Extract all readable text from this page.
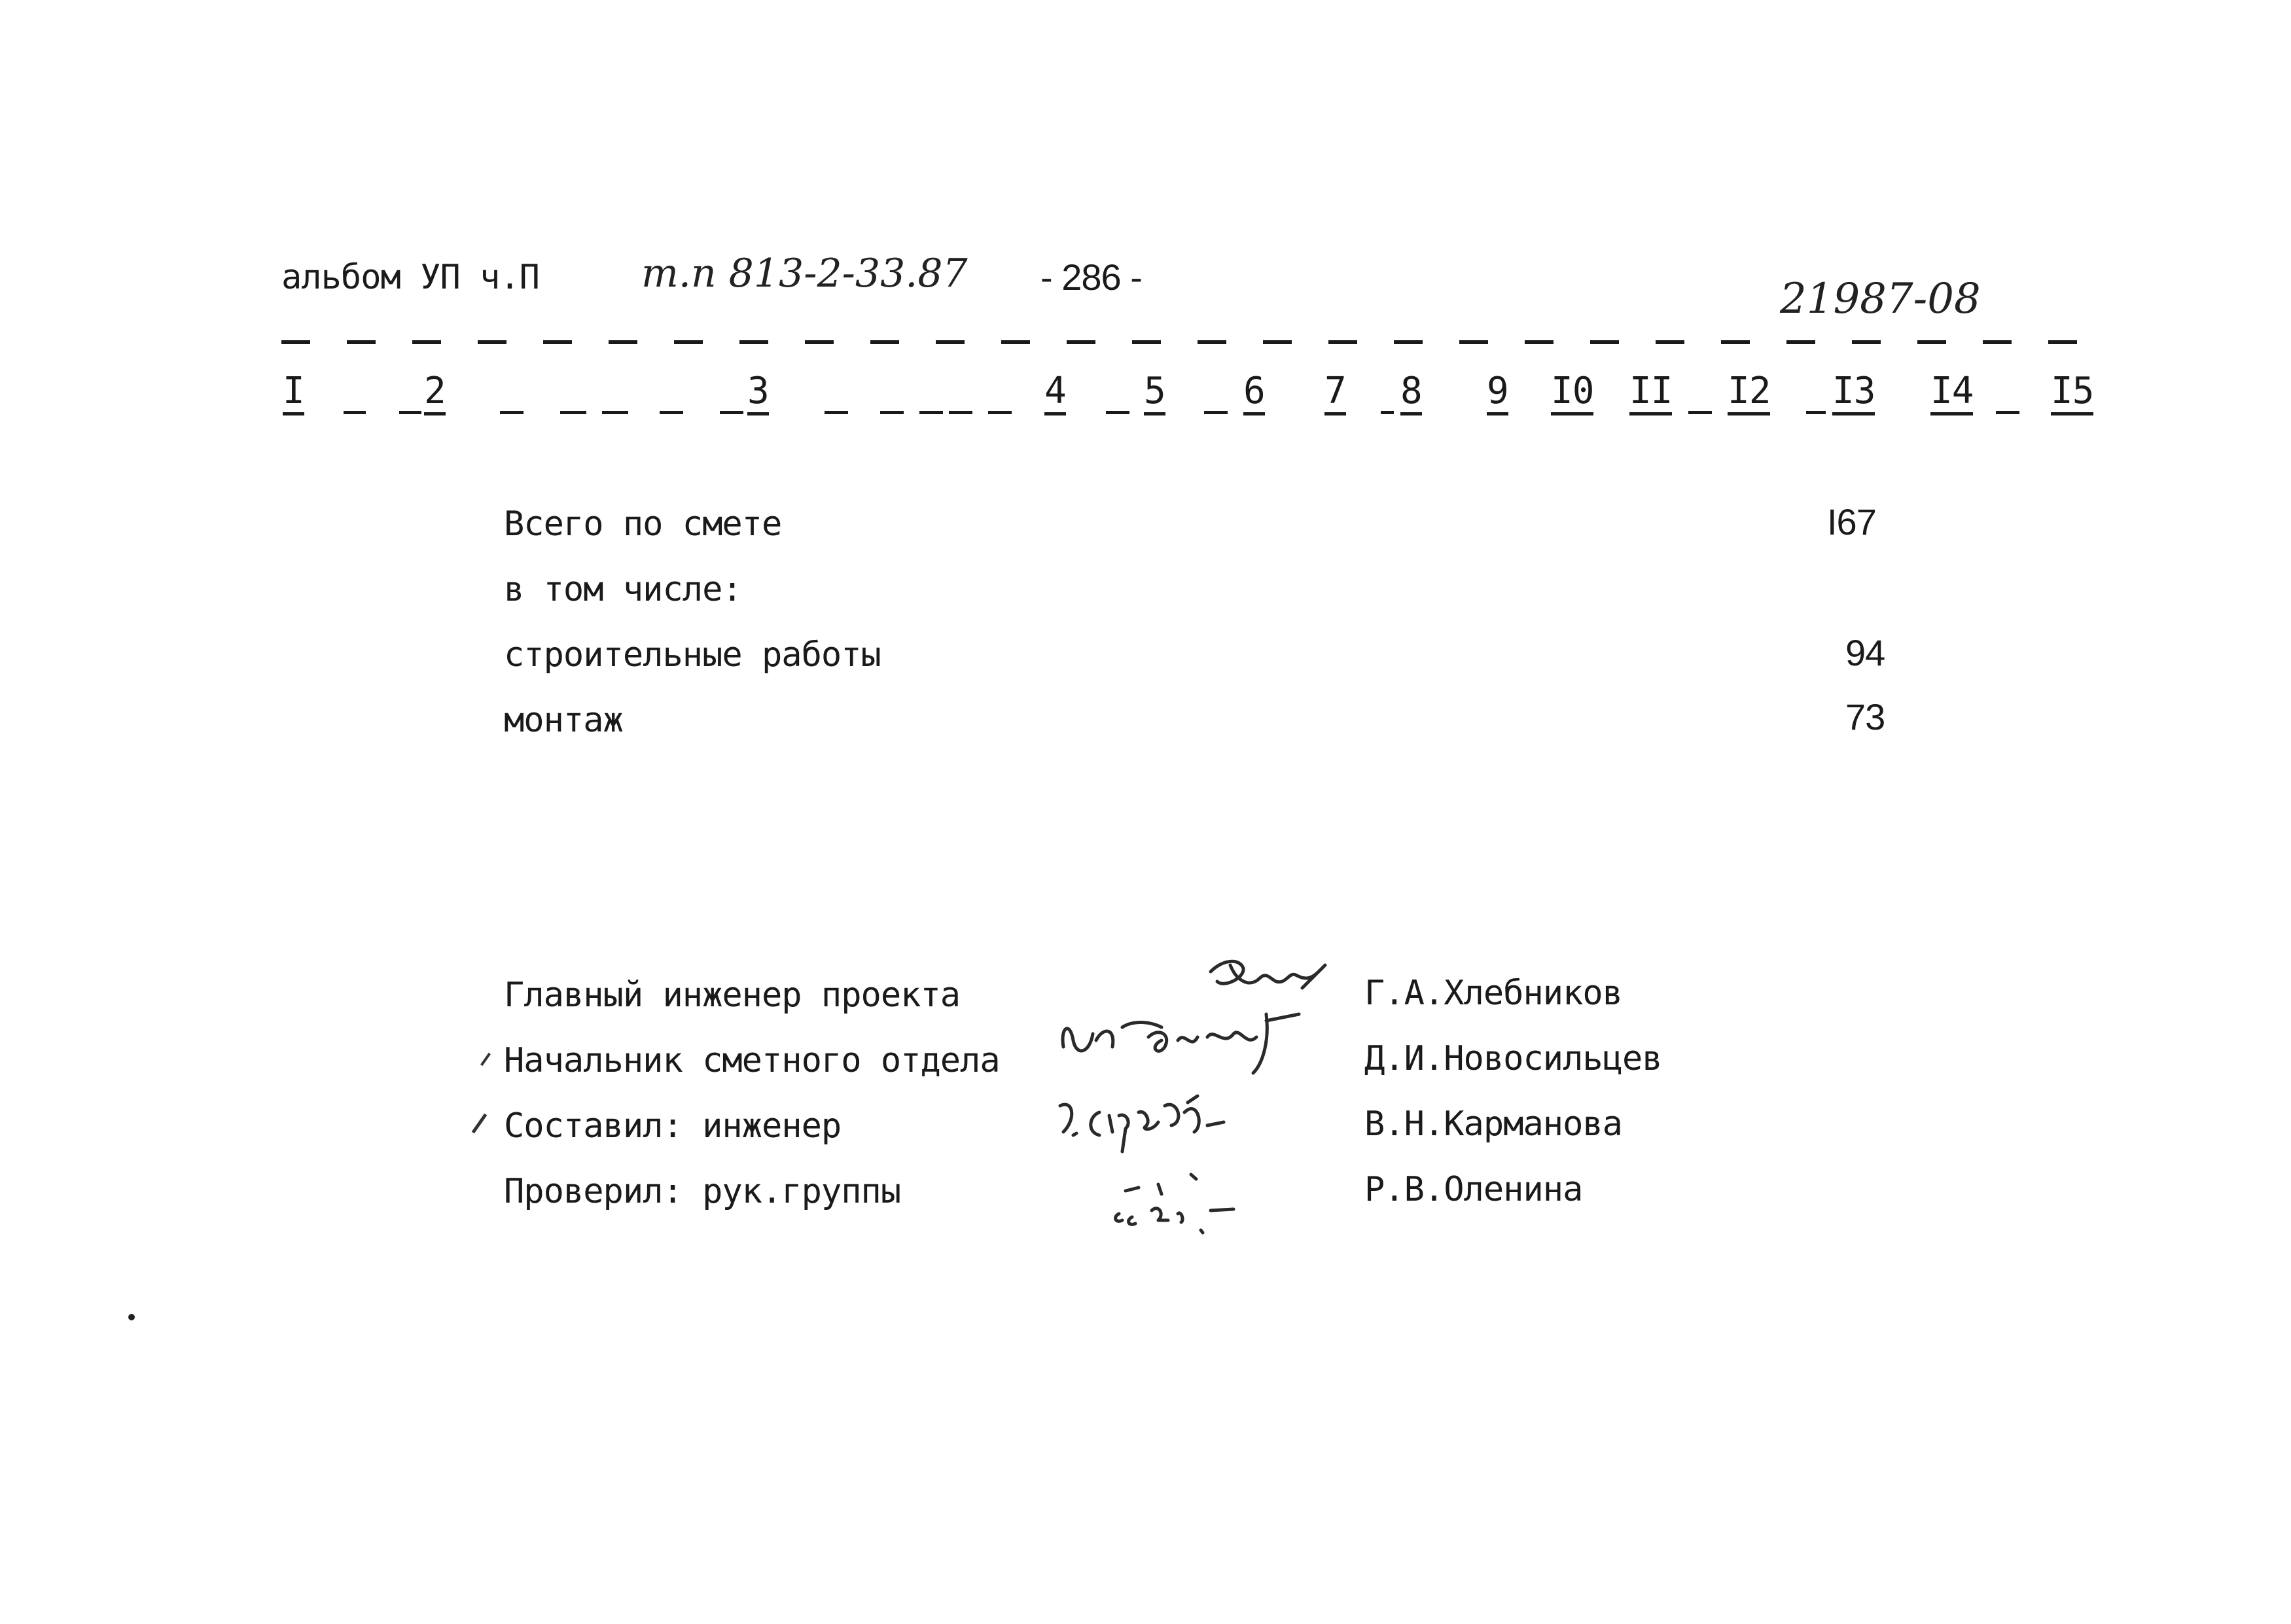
альбом УП ч.П	т.п 813-2-33.87 - 286 -	21987-08
I	2	3	4 5 6 7 8 9 I0 II I2 I3 I4 I5
Всего по смете	I67
в том числе:
строительные работы	94
монтаж	73
Главный инженер проекта	Г.А.Хлебников
Начальник сметного отдела	Д.И.Новосильцев
Составил: инженер	В.Н.Карманова
Проверил: рук.группы	Р.В.Оленина
